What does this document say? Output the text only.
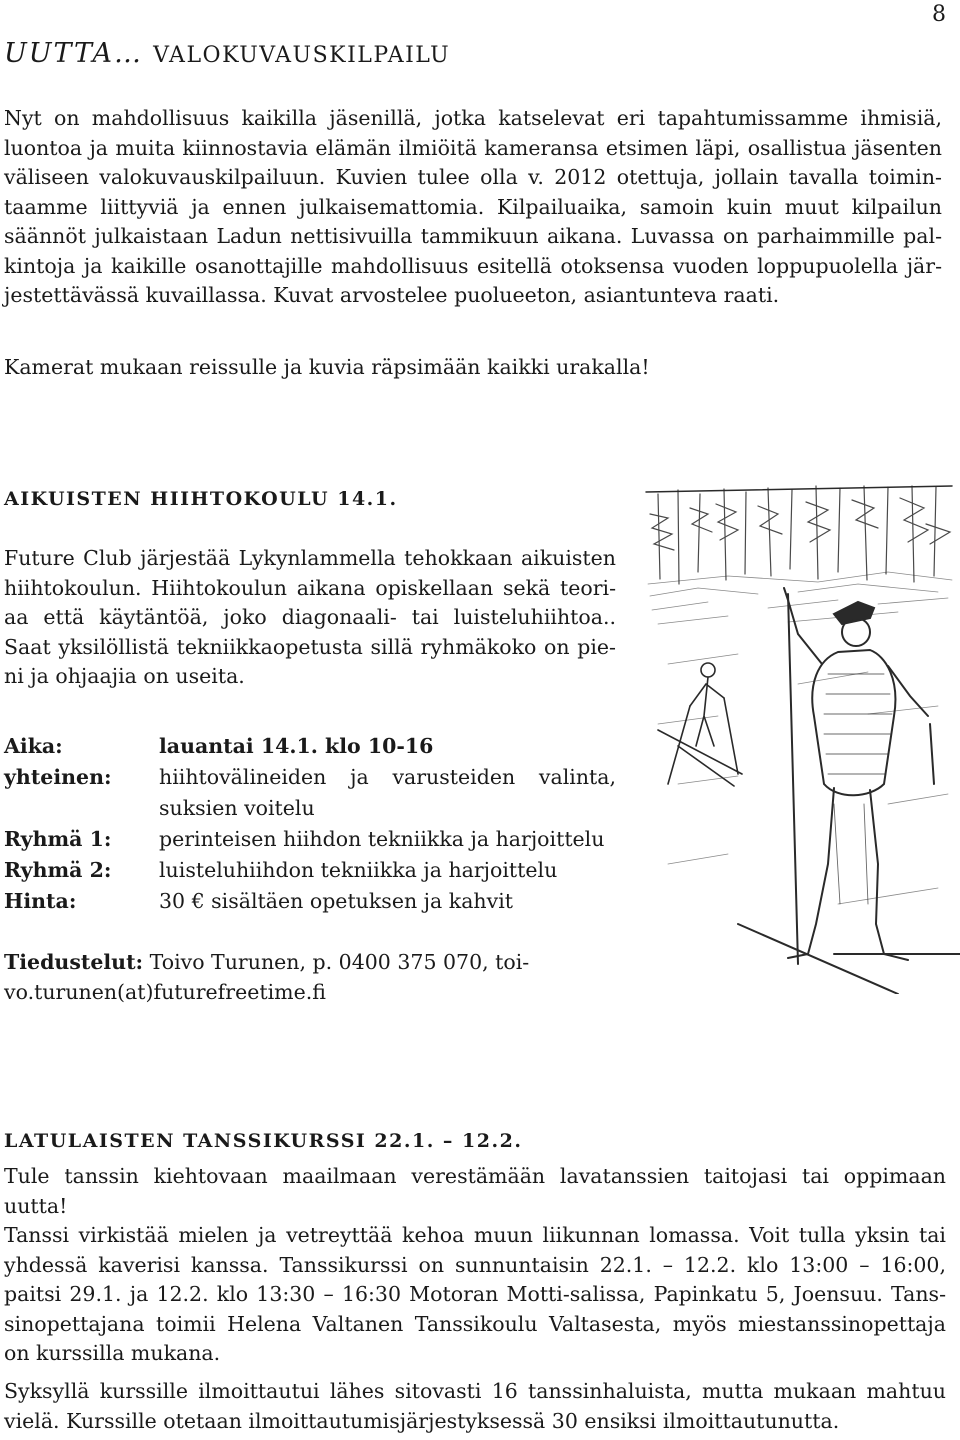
8
UUTTA… VALOKUVAUSKILPAILU
Nyt on mahdollisuus kaikilla jäsenillä, jotka katselevat eri tapahtumissamme ihmisiä,
luontoa ja muita kiinnostavia elämän ilmiöitä kameransa etsimen läpi, osallistua jäsenten
väliseen valokuvauskilpailuun. Kuvien tulee olla v. 2012 otettuja, jollain tavalla toimin-
taamme liittyviä ja ennen julkaisemattomia. Kilpailuaika, samoin kuin muut kilpailun
säännöt julkaistaan Ladun nettisivuilla tammikuun aikana. Luvassa on parhaimmille pal-
kintoja ja kaikille osanottajille mahdollisuus esitellä otoksensa vuoden loppupuolella jär-
jestettävässä kuvaillassa. Kuvat arvostelee puolueeton, asiantunteva raati.
Kamerat mukaan reissulle ja kuvia räpsimään kaikki urakalla!
AIKUISTEN HIIHTOKOULU 14.1.
Future Club järjestää Lykynlammella tehokkaan aikuisten
hiihtokoulun. Hiihtokoulun aikana opiskellaan sekä teori-
aa että käytäntöä, joko diagonaali- tai luisteluhiihtoa..
Saat yksilöllistä tekniikkaopetusta sillä ryhmäkoko on pie-
ni ja ohjaajia on useita.
Aika:	lauantai 14.1. klo 10-16
yhteinen:	hiihtovälineiden ja varusteiden valinta,
suksien voitelu
Ryhmä 1:	perinteisen hiihdon tekniikka ja harjoittelu
Ryhmä 2:	luisteluhiihdon tekniikka ja harjoittelu
Hinta:	30 € sisältäen opetuksen ja kahvit
Tiedustelut: Toivo Turunen, p. 0400 375 070, toi-
vo.turunen(at)futurefreetime.fi
LATULAISTEN TANSSIKURSSI 22.1. – 12.2.
Tule tanssin kiehtovaan maailmaan verestämään lavatanssien taitojasi tai oppimaan uutta!
Tanssi virkistää mielen ja vetreyttää kehoa muun liikunnan lomassa. Voit tulla yksin tai
yhdessä kaverisi kanssa. Tanssikurssi on sunnuntaisin 22.1. – 12.2. klo 13:00 – 16:00,
paitsi 29.1. ja 12.2. klo 13:30 – 16:30 Motoran Motti-salissa, Papinkatu 5, Joensuu. Tans-
sinopettajana toimii Helena Valtanen Tanssikoulu Valtasesta, myös miestanssinopettaja
on kurssilla mukana.
Syksyllä kurssille ilmoittautui lähes sitovasti 16 tanssinhaluista, mutta mukaan mahtuu
vielä. Kurssille otetaan ilmoittautumisjärjestyksessä 30 ensiksi ilmoittautunutta.
